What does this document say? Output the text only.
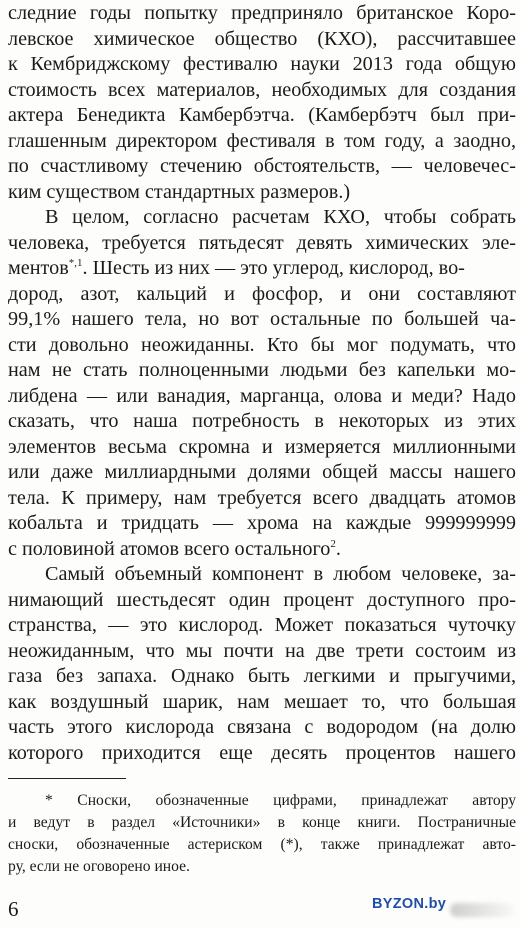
следние годы попытку предприняло британское Коро-
левское химическое общество (КХО), рассчитавшее
к Кембриджскому фестивалю науки 2013 года общую
стоимость всех материалов, необходимых для создания
актера Бенедикта Камбербэтча. (Камбербэтч был при-
глашенным директором фестиваля в том году, а заодно,
по счастливому стечению обстоятельств, — человечес-
ким существом стандартных размеров.)
В целом, согласно расчетам КХО, чтобы собрать
человека, требуется пятьдесят девять химических эле-
ментов$^{*,1}$. Шесть из них — это углерод, кислород, во-
дород, азот, кальций и фосфор, и они составляют
99,1% нашего тела, но вот остальные по большей ча-
сти довольно неожиданны. Кто бы мог подумать, что
нам не стать полноценными людьми без капельки мо-
либдена — или ванадия, марганца, олова и меди? Надо
сказать, что наша потребность в некоторых из этих
элементов весьма скромна и измеряется миллионными
или даже миллиардными долями общей массы нашего
тела. К примеру, нам требуется всего двадцать атомов
кобальта и тридцать — хрома на каждые 999999999
с половиной атомов всего остального$^2$.
Самый объемный компонент в любом человеке, за-
нимающий шестьдесят один процент доступного про-
странства, — это кислород. Может показаться чуточку
неожиданным, что мы почти на две трети состоим из
газа без запаха. Однако быть легкими и прыгучими,
как воздушный шарик, нам мешает то, что большая
часть этого кислорода связана с водородом (на долю
которого приходится еще десять процентов нашего
* Сноски, обозначенные цифрами, принадлежат автору
и ведут в раздел «Источники» в конце книги. Постраничные
сноски, обозначенные астериском (*), также принадлежат авто-
ру, если не оговорено иное.
6	BYZON.by
